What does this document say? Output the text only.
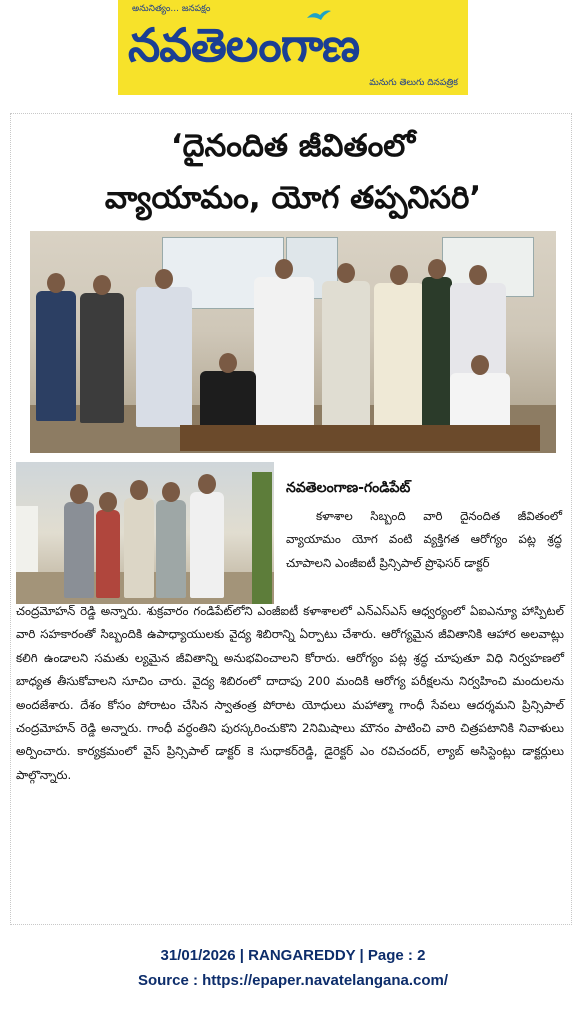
అనునిత్యం... జనపక్షం
నవతెలంగాణ
మనుగు తెలుగు దినపత్రిక
‘దైనందిత జీవితంలో
వ్యాయామం, యోగ తప్పనిసరి’
నవతెలంగాణ-గండిపేట్

కళాశాల సిబ్బంది వారి దైనందిత జీవితంలో వ్యాయామం యోగ వంటి వ్యక్తిగత ఆరోగ్యం పట్ల శ్రద్ధ చూపాలని ఎంజీఐటీ ప్రిన్సిపాల్ ప్రొఫెసర్ డాక్టర్

చంద్రమోహన్ రెడ్డి అన్నారు. శుక్రవారం గండిపేట్‌లోని ఎంజీఐటీ కళాశాలలో ఎన్ఎస్ఎస్ ఆధ్వర్యంలో ఏఐఎన్యూ హాస్పిటల్ వారి సహకారంతో సిబ్బందికి ఉపాధ్యాయులకు వైద్య శిబిరాన్ని ఏర్పాటు చేశారు. ఆరోగ్యమైన జీవితానికి ఆహార అలవాట్లు కలిగి ఉండాలని సమతు ల్యమైన జీవితాన్ని అనుభవించాలని కోరారు. ఆరోగ్యం పట్ల శ్రద్ధ చూపుతూ విధి నిర్వహణలో బాధ్యత తీసుకోవాలని సూచిం చారు. వైద్య శిబిరంలో దాదాపు 200 మందికి ఆరోగ్య పరీక్షలను నిర్వహించి మందులను అందజేశారు. దేశం కోసం పోరాటం చేసిన స్వాతంత్ర పోరాట యోధులు మహాత్మా గాంధీ సేవలు ఆదర్శమని ప్రిన్సిపాల్ చంద్రమోహన్ రెడ్డి అన్నారు. గాంధీ వర్ధంతిని పురస్కరించుకొని 2నిమిషాలు మౌనం పాటించి వారి చిత్రపటానికి నివాళులు అర్పించారు. కార్యక్రమంలో వైస్ ప్రిన్సిపాల్ డాక్టర్ కె సుధాకర్‌రెడ్డి, డైరెక్టర్ ఎం రవిచందర్, ల్యాబ్ అసిస్టెంట్లు డాక్టర్లులు పాల్గొన్నారు.

31/01/2026 | RANGAREDDY | Page : 2
Source : https://epaper.navatelangana.com/
